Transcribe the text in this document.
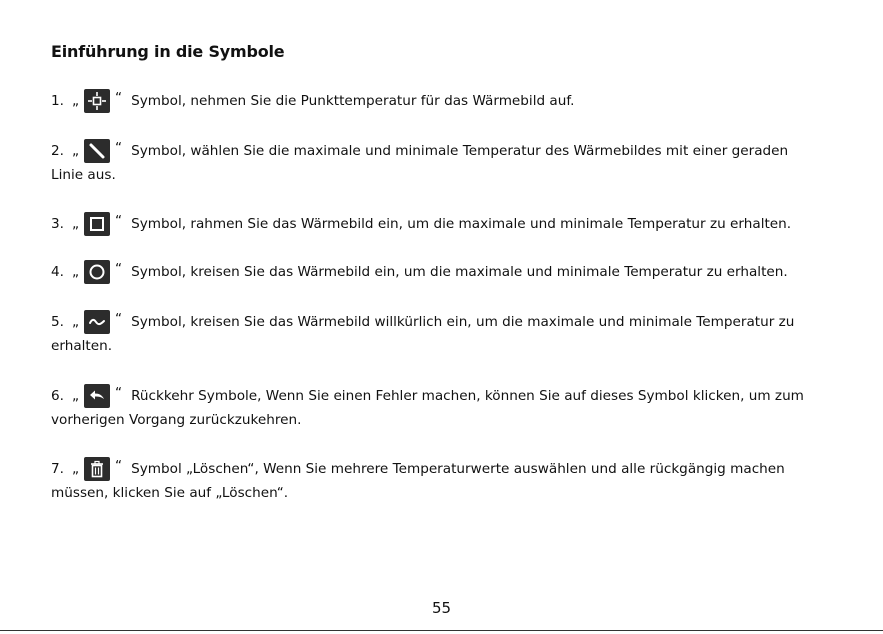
Einführung in die Symbole
1. „	“ Symbol, nehmen Sie die Punkttemperatur für das Wärmebild auf.
2. „	“ Symbol, wählen Sie die maximale und minimale Temperatur des Wärmebildes mit einer geraden
Linie aus.
3. „	“ Symbol, rahmen Sie das Wärmebild ein, um die maximale und minimale Temperatur zu erhalten.
4. „	“ Symbol, kreisen Sie das Wärmebild ein, um die maximale und minimale Temperatur zu erhalten.
5. „	“ Symbol, kreisen Sie das Wärmebild willkürlich ein, um die maximale und minimale Temperatur zu
erhalten.
6. „	“ Rückkehr Symbole, Wenn Sie einen Fehler machen, können Sie auf dieses Symbol klicken, um zum
vorherigen Vorgang zurückzukehren.
7. „	“ Symbol „Löschen“, Wenn Sie mehrere Temperaturwerte auswählen und alle rückgängig machen
müssen, klicken Sie auf „Löschen“.
55
